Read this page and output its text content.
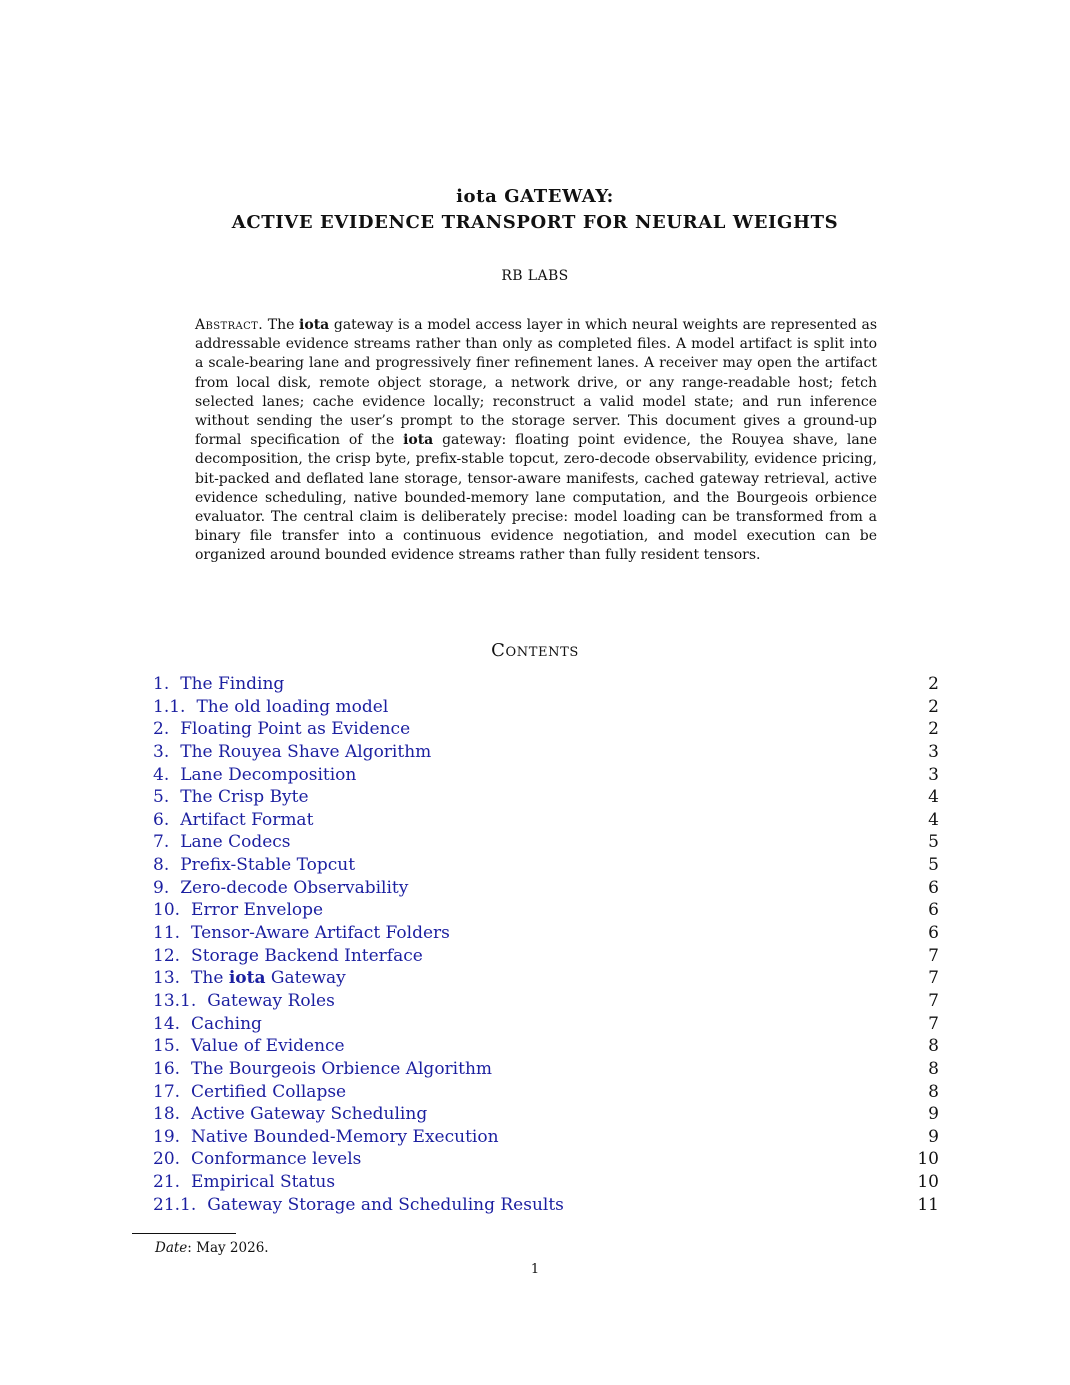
iota GATEWAY:
ACTIVE EVIDENCE TRANSPORT FOR NEURAL WEIGHTS
RB LABS
Abstract. The iota gateway is a model access layer in which neural weights are represented as addressable evidence streams rather than only as completed files. A model artifact is split into a scale-bearing lane and progressively finer refinement lanes. A receiver may open the artifact from local disk, remote object storage, a network drive, or any range-readable host; fetch selected lanes; cache evidence locally; reconstruct a valid model state; and run inference without sending the user’s prompt to the storage server. This document gives a ground-up formal specification of the iota gateway: floating point evidence, the Rouyea shave, lane decomposition, the crisp byte, prefix-stable topcut, zero-decode observability, evidence pricing, bit-packed and deflated lane storage, tensor-aware manifests, cached gateway retrieval, active evidence scheduling, native bounded-memory lane computation, and the Bourgeois orbience evaluator. The central claim is deliberately precise: model loading can be transformed from a binary file transfer into a continuous evidence negotiation, and model execution can be organized around bounded evidence streams rather than fully resident tensors.
Contents
1. The Finding	2
1.1. The old loading model	2
2. Floating Point as Evidence	2
3. The Rouyea Shave Algorithm	3
4. Lane Decomposition	3
5. The Crisp Byte	4
6. Artifact Format	4
7. Lane Codecs	5
8. Prefix-Stable Topcut	5
9. Zero-decode Observability	6
10. Error Envelope	6
11. Tensor-Aware Artifact Folders	6
12. Storage Backend Interface	7
13. The iota Gateway	7
13.1. Gateway Roles	7
14. Caching	7
15. Value of Evidence	8
16. The Bourgeois Orbience Algorithm	8
17. Certified Collapse	8
18. Active Gateway Scheduling	9
19. Native Bounded-Memory Execution	9
20. Conformance levels	10
21. Empirical Status	10
21.1. Gateway Storage and Scheduling Results	11
Date: May 2026.
1
